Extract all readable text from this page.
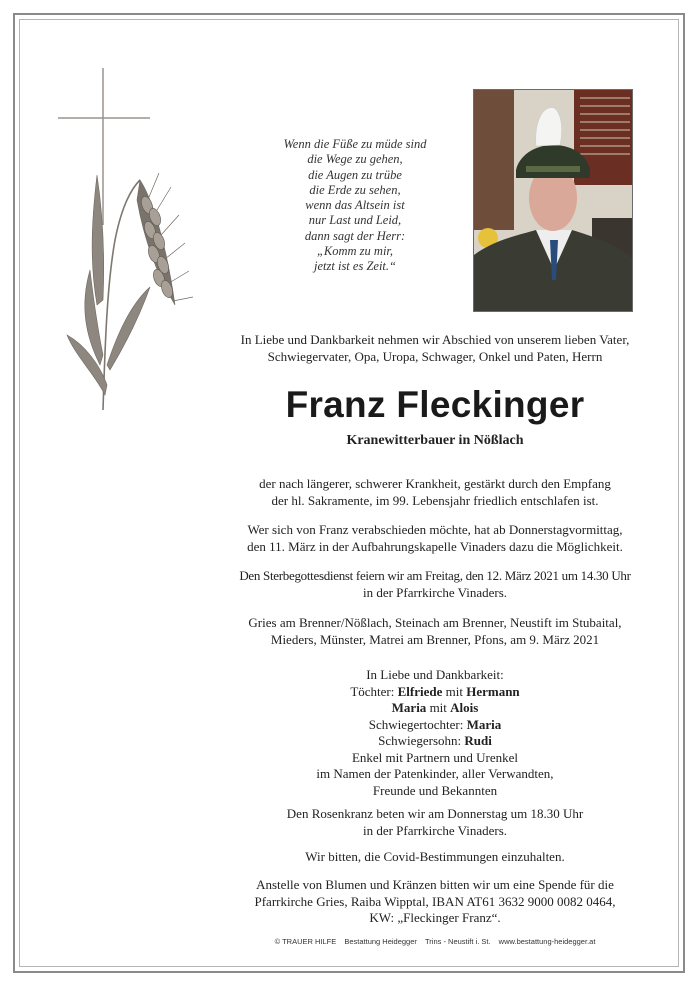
Wenn die Füße zu müde sind
die Wege zu gehen,
die Augen zu trübe
die Erde zu sehen,
wenn das Altsein ist
nur Last und Leid,
dann sagt der Herr:
„Komm zu mir,
jetzt ist es Zeit.“
In Liebe und Dankbarkeit nehmen wir Abschied von unserem lieben Vater,
Schwiegervater, Opa, Uropa, Schwager, Onkel und Paten, Herrn
Franz Fleckinger
Kranewitterbauer in Nößlach
der nach längerer, schwerer Krankheit, gestärkt durch den Empfang
der hl. Sakramente, im 99. Lebensjahr friedlich entschlafen ist.
Wer sich von Franz verabschieden möchte, hat ab Donnerstagvormittag,
den 11. März in der Aufbahrungskapelle Vinaders dazu die Möglichkeit.
Den Sterbegottesdienst feiern wir am Freitag, den 12. März 2021 um 14.30 Uhr
in der Pfarrkirche Vinaders.
Gries am Brenner/Nößlach, Steinach am Brenner, Neustift im Stubaital,
Mieders, Münster, Matrei am Brenner, Pfons, am 9. März 2021
In Liebe und Dankbarkeit:
Töchter: Elfriede mit Hermann
Maria mit Alois
Schwiegertochter: Maria
Schwiegersohn: Rudi
Enkel mit Partnern und Urenkel
im Namen der Patenkinder, aller Verwandten,
Freunde und Bekannten
Den Rosenkranz beten wir am Donnerstag um 18.30 Uhr
in der Pfarrkirche Vinaders.
Wir bitten, die Covid-Bestimmungen einzuhalten.
Anstelle von Blumen und Kränzen bitten wir um eine Spende für die
Pfarrkirche Gries, Raiba Wipptal, IBAN AT61 3632 9000 0082 0464,
KW: „Fleckinger Franz“.
© TRAUER HILFE Bestattung Heidegger Trins - Neustift i. St. www.bestattung-heidegger.at
